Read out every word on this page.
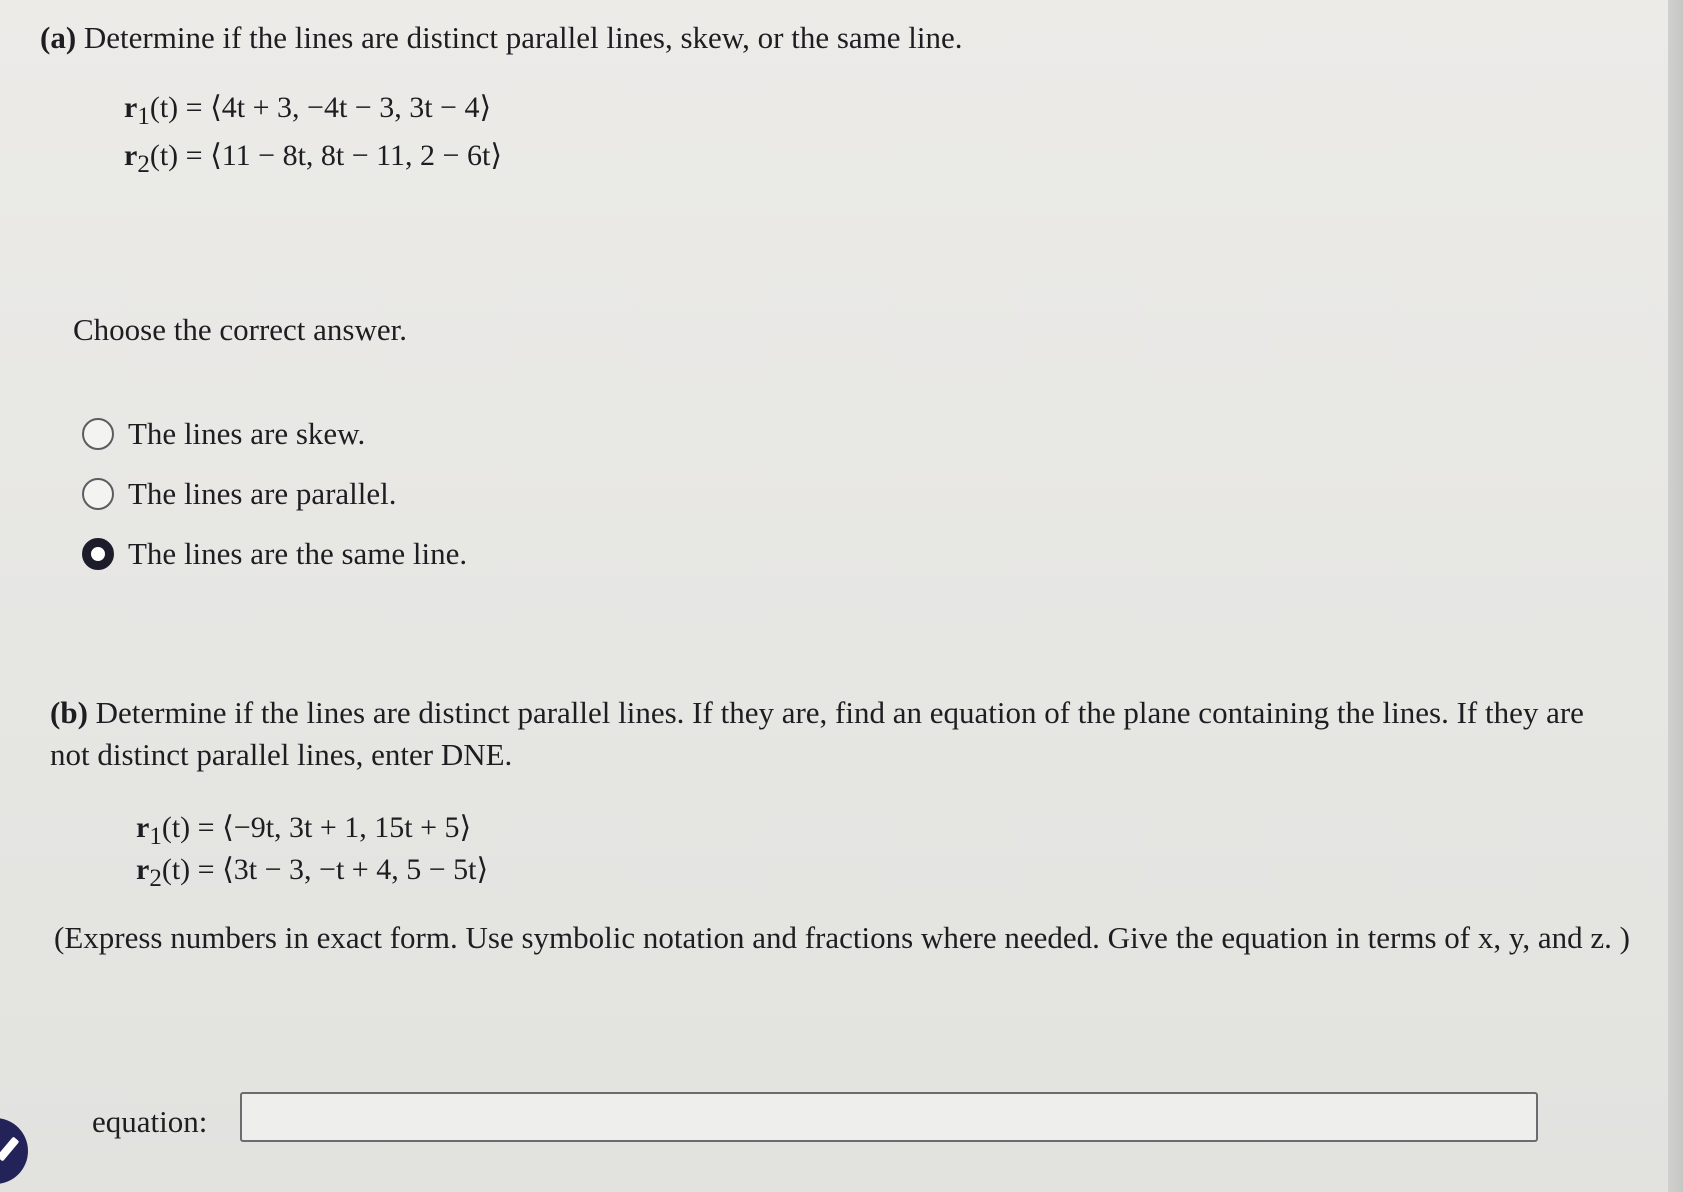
(a) Determine if the lines are distinct parallel lines, skew, or the same line.
$r_1(t)$ = ⟨4t + 3, −4t − 3, 3t − 4⟩
$r_2(t)$ = ⟨11 − 8t, 8t − 11, 2 − 6t⟩
Choose the correct answer.
The lines are skew.
The lines are parallel.
The lines are the same line.
(b) Determine if the lines are distinct parallel lines. If they are, find an equation of the plane containing the lines. If they are not distinct parallel lines, enter DNE.
$r_1(t)$ = ⟨−9t, 3t + 1, 15t + 5⟩
$r_2(t)$ = ⟨3t − 3, −t + 4, 5 − 5t⟩
(Express numbers in exact form. Use symbolic notation and fractions where needed. Give the equation in terms of x, y, and z. )
equation:
